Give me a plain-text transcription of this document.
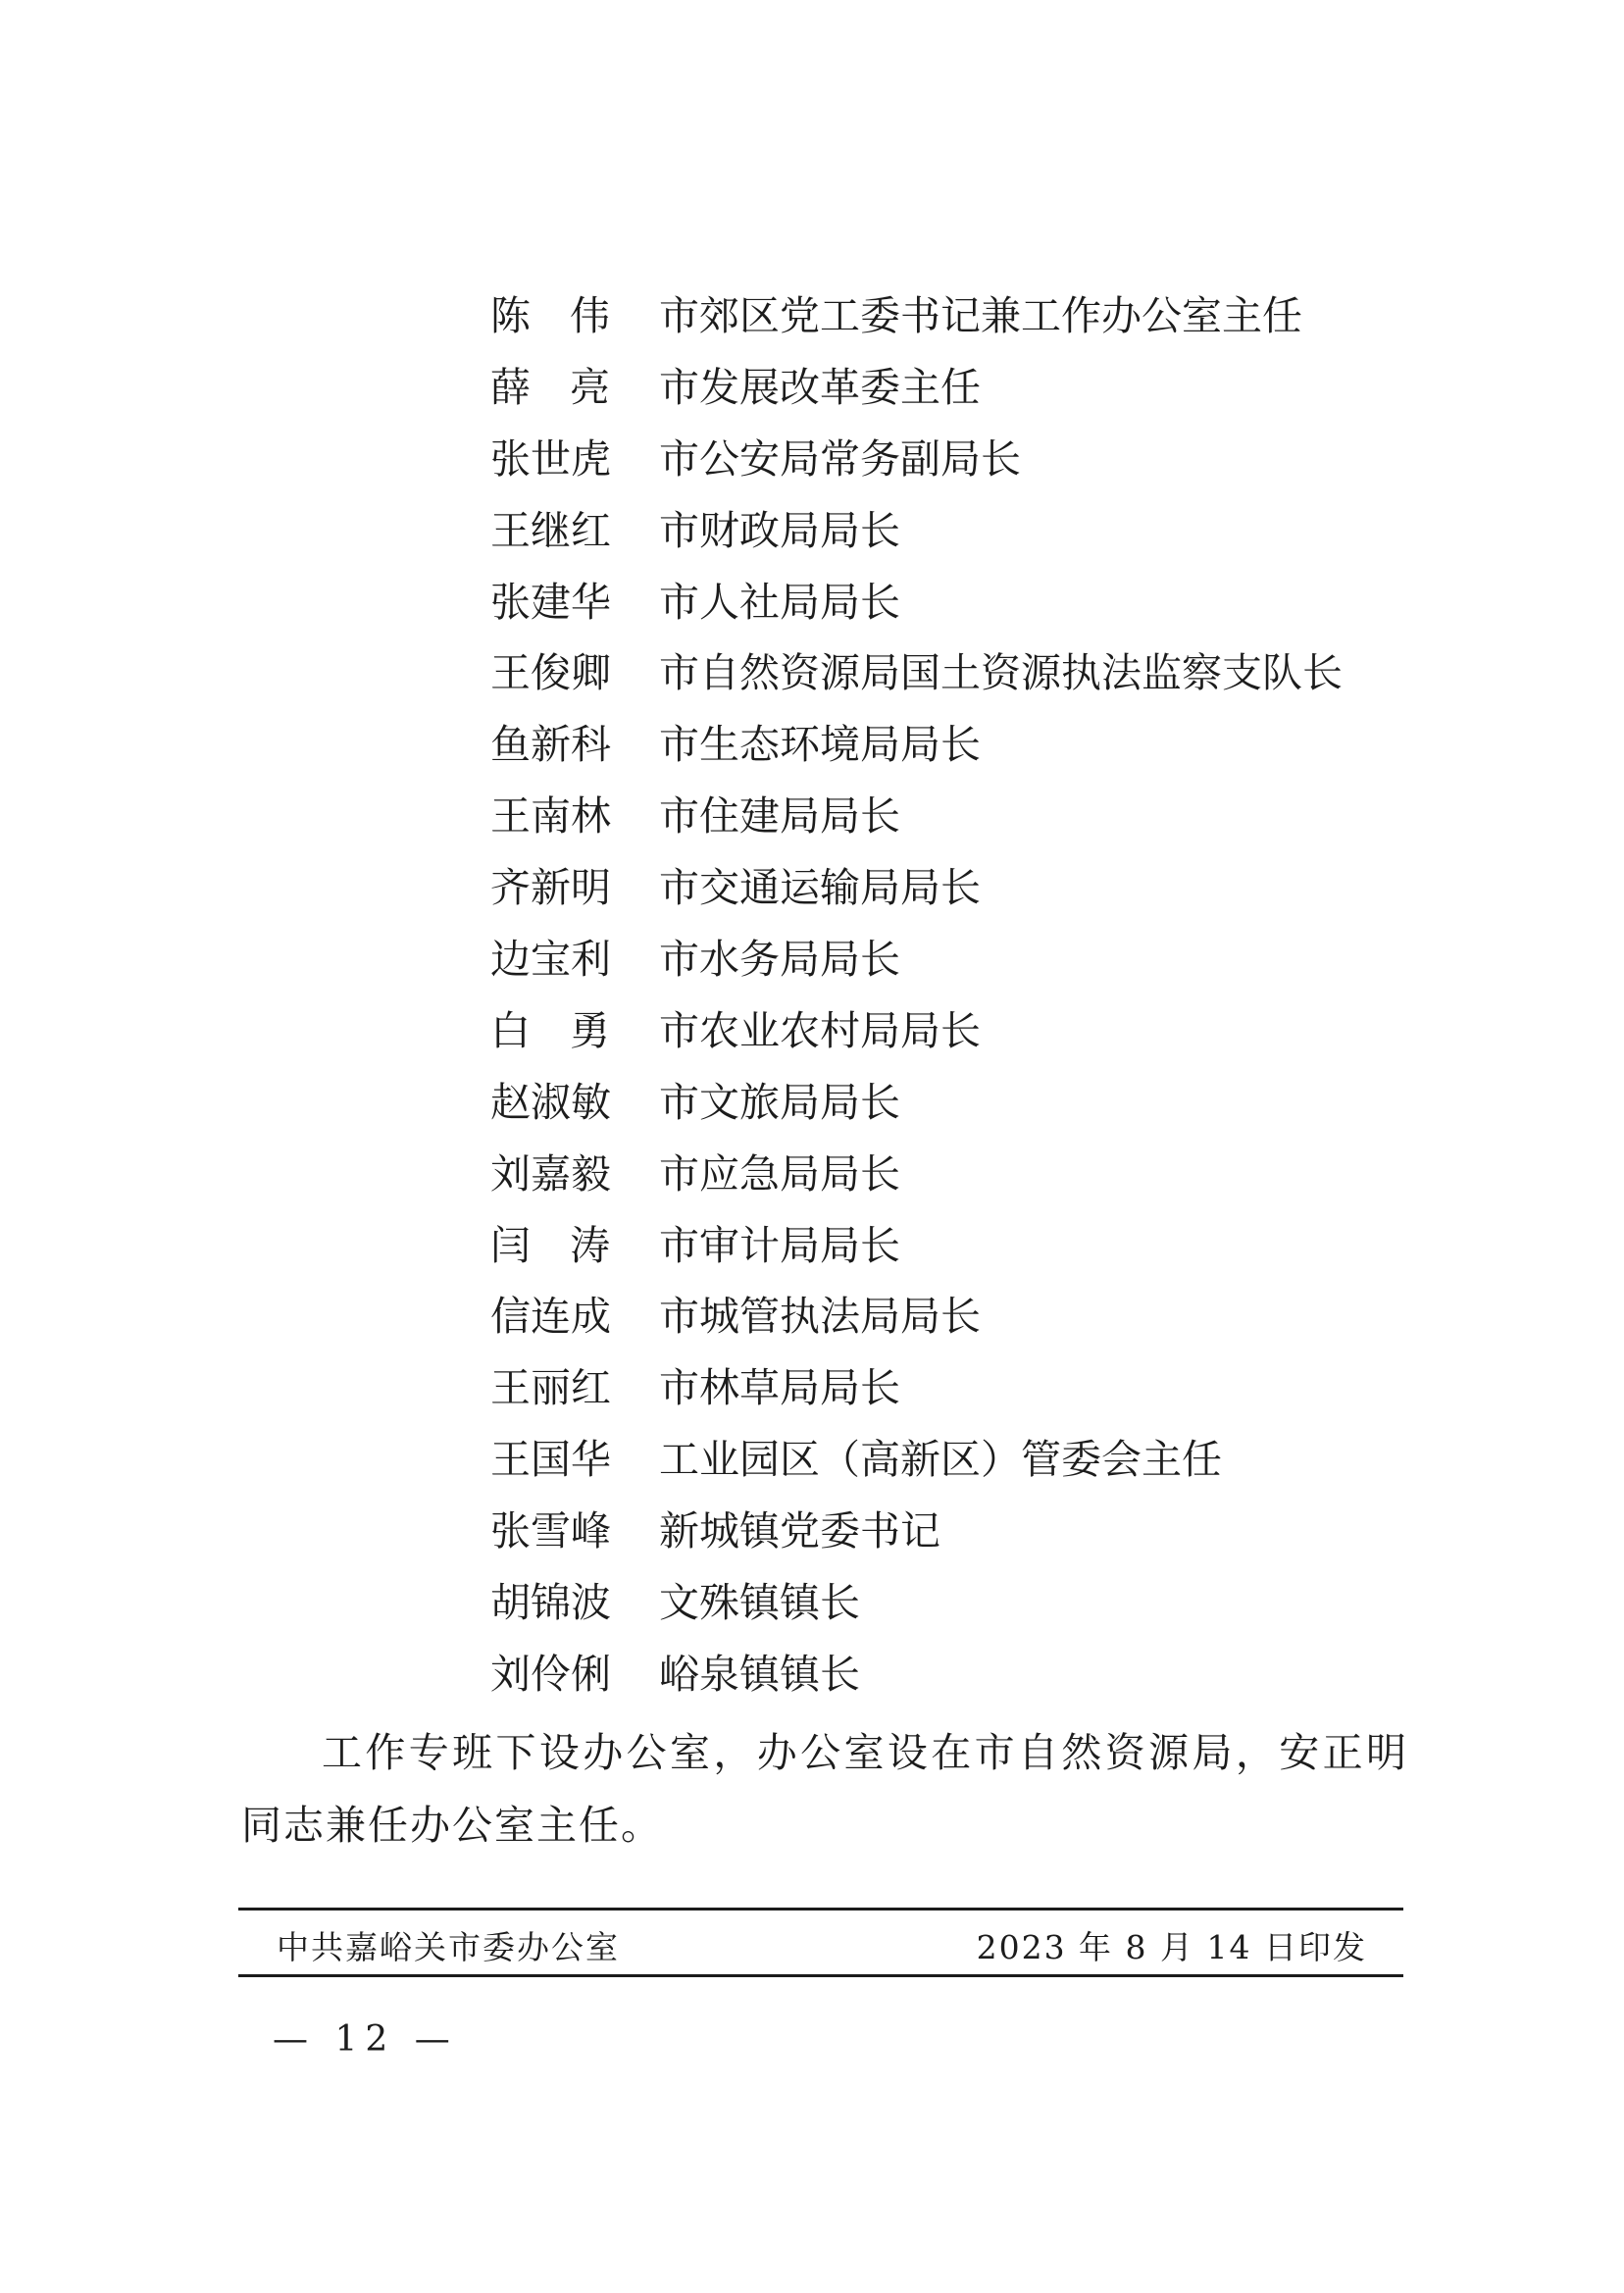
陈伟 市郊区党工委书记兼工作办公室主任
薛亮 市发展改革委主任
张世虎 市公安局常务副局长
王继红 市财政局局长
张建华 市人社局局长
王俊卿 市自然资源局国土资源执法监察支队长
鱼新科 市生态环境局局长
王南林 市住建局局长
齐新明 市交通运输局局长
边宝利 市水务局局长
白勇 市农业农村局局长
赵淑敏 市文旅局局长
刘嘉毅 市应急局局长
闫涛 市审计局局长
信连成 市城管执法局局长
王丽红 市林草局局长
王国华 工业园区（高新区）管委会主任
张雪峰 新城镇党委书记
胡锦波 文殊镇镇长
刘伶俐 峪泉镇镇长
工作专班下设办公室，办公室设在市自然资源局，安正明同志兼任办公室主任。
中共嘉峪关市委办公室	2023 年 8 月 14 日印发
— 12 —
